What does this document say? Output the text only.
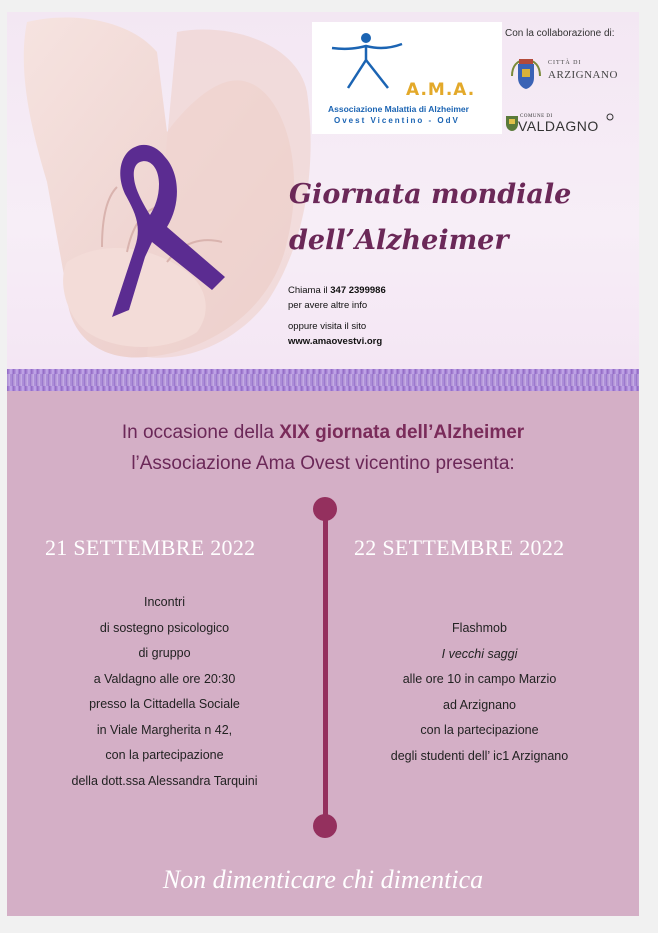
A.M.A.
Associazione Malattia di Alzheimer
Ovest Vicentino - OdV
Con la collaborazione di:
CITTÀ DI
ARZIGNANO
COMUNE DI
VALDAGNO
Giornata mondiale
dell’Alzheimer
Chiama il 347 2399986
per avere altre info
oppure visita il sito
www.amaovestvi.org
In occasione della XIX giornata dell’Alzheimer
l’Associazione Ama Ovest vicentino presenta:
21 SETTEMBRE 2022	22 SETTEMBRE 2022
Incontri
di sostegno psicologico
di gruppo
a Valdagno alle ore 20:30
presso la Cittadella Sociale
in Viale Margherita n 42,
con la partecipazione
della dott.ssa Alessandra Tarquini
Flashmob
I vecchi saggi
alle ore 10 in campo Marzio
ad Arzignano
con la partecipazione
degli studenti dell’ ic1 Arzignano
Non dimenticare chi dimentica
